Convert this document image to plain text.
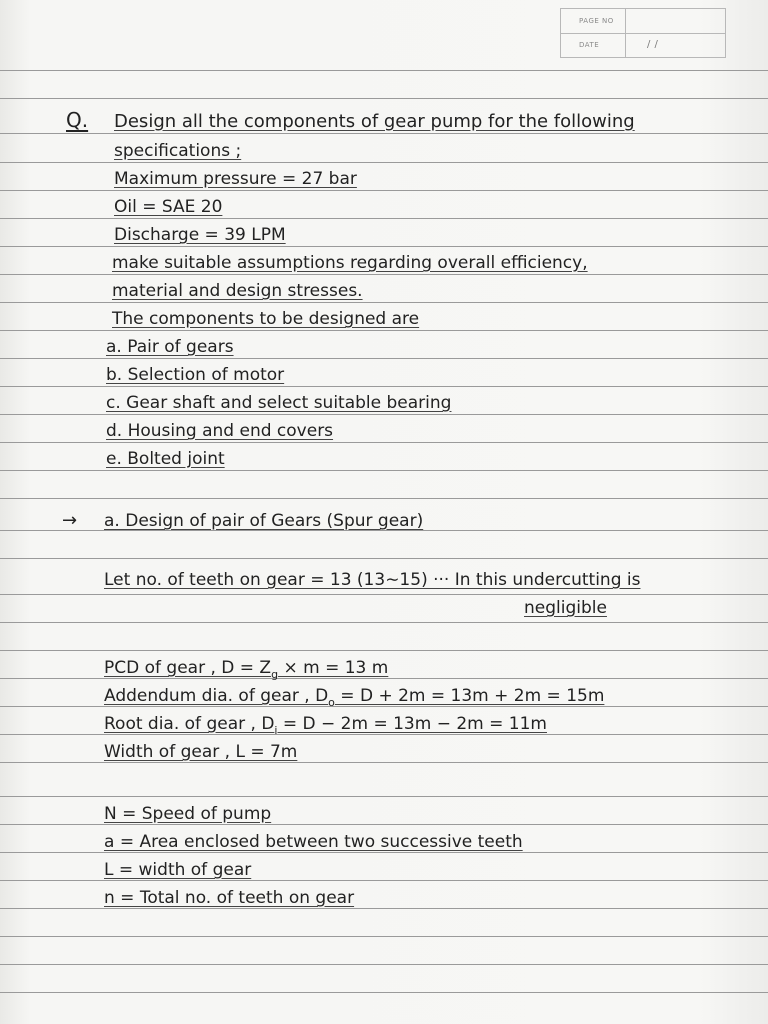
PAGE NO
DATE	/ /
Q. Design all the components of gear pump for the following
specifications ;
Maximum pressure = 27 bar
Oil = SAE 20
Discharge = 39 LPM
make suitable assumptions regarding overall efficiency,
material and design stresses.
The components to be designed are
a. Pair of gears
b. Selection of motor
c. Gear shaft and select suitable bearing
d. Housing and end covers
e. Bolted joint
→ a. Design of pair of Gears (Spur gear)
Let no. of teeth on gear = 13 (13∼15) ··· In this undercutting is
negligible
PCD of gear , $D = Z_g \times m = 13$ m
Addendum dia. of gear , $D_o = D + 2m = 13m + 2m = 15m$
Root dia. of gear , $D_i = D - 2m = 13m - 2m = 11m$
Width of gear , L = 7m
N = Speed of pump
a = Area enclosed between two successive teeth
L = width of gear
n = Total no. of teeth on gear
